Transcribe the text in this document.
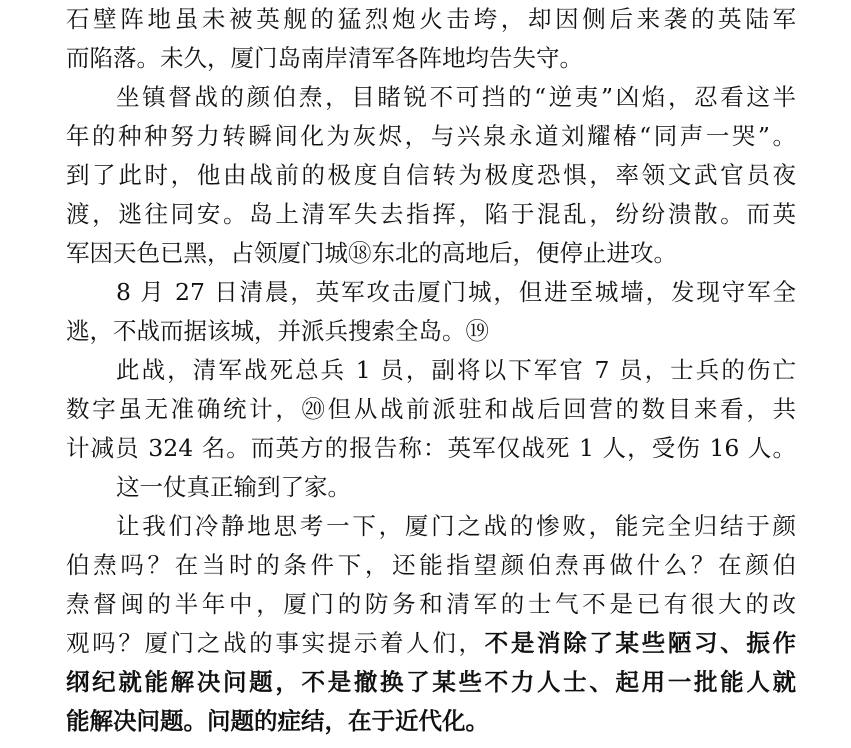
石壁阵地虽未被英舰的猛烈炮火击垮，却因侧后来袭的英陆军
而陷落。未久，厦门岛南岸清军各阵地均告失守。
坐镇督战的颜伯焘，目睹锐不可挡的“逆夷”凶焰，忍看这半
年的种种努力转瞬间化为灰烬，与兴泉永道刘耀椿“同声一哭”。
到了此时，他由战前的极度自信转为极度恐惧，率领文武官员夜
渡，逃往同安。岛上清军失去指挥，陷于混乱，纷纷溃散。而英
军因天色已黑，占领厦门城⑱东北的高地后，便停止进攻。
8 月 27 日清晨，英军攻击厦门城，但进至城墙，发现守军全
逃，不战而据该城，并派兵搜索全岛。⑲
此战，清军战死总兵 1 员，副将以下军官 7 员，士兵的伤亡
数字虽无准确统计，⑳但从战前派驻和战后回营的数目来看，共
计减员 324 名。而英方的报告称：英军仅战死 1 人，受伤 16 人。
这一仗真正输到了家。
让我们冷静地思考一下，厦门之战的惨败，能完全归结于颜
伯焘吗？在当时的条件下，还能指望颜伯焘再做什么？在颜伯
焘督闽的半年中，厦门的防务和清军的士气不是已有很大的改
观吗？厦门之战的事实提示着人们，不是消除了某些陋习、振作
纲纪就能解决问题，不是撤换了某些不力人士、起用一批能人就
能解决问题。问题的症结，在于近代化。
